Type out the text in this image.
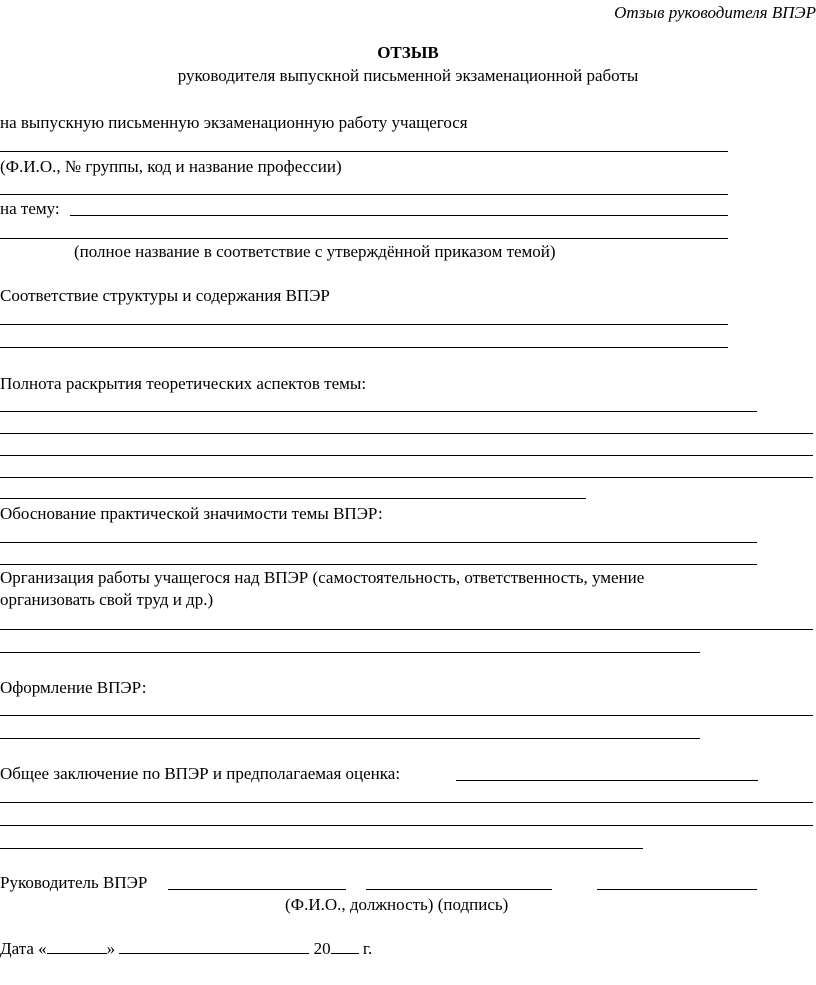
Отзыв руководителя ВПЭР
ОТЗЫВ
руководителя выпускной письменной экзаменационной работы
на выпускную письменную экзаменационную работу учащегося
(Ф.И.О., № группы, код и название профессии)
на тему:
(полное название в соответствие с утверждённой приказом темой)
Соответствие структуры и содержания ВПЭР
Полнота раскрытия теоретических аспектов темы:
Обоснование практической значимости темы ВПЭР:
Организация работы учащегося над ВПЭР (самостоятельность, ответственность, умение
организовать свой труд и др.)
Оформление ВПЭР:
Общее заключение по ВПЭР и предполагаемая оценка:
Руководитель ВПЭР
(Ф.И.О., должность) (подпись)
Дата «	»	20 г.
